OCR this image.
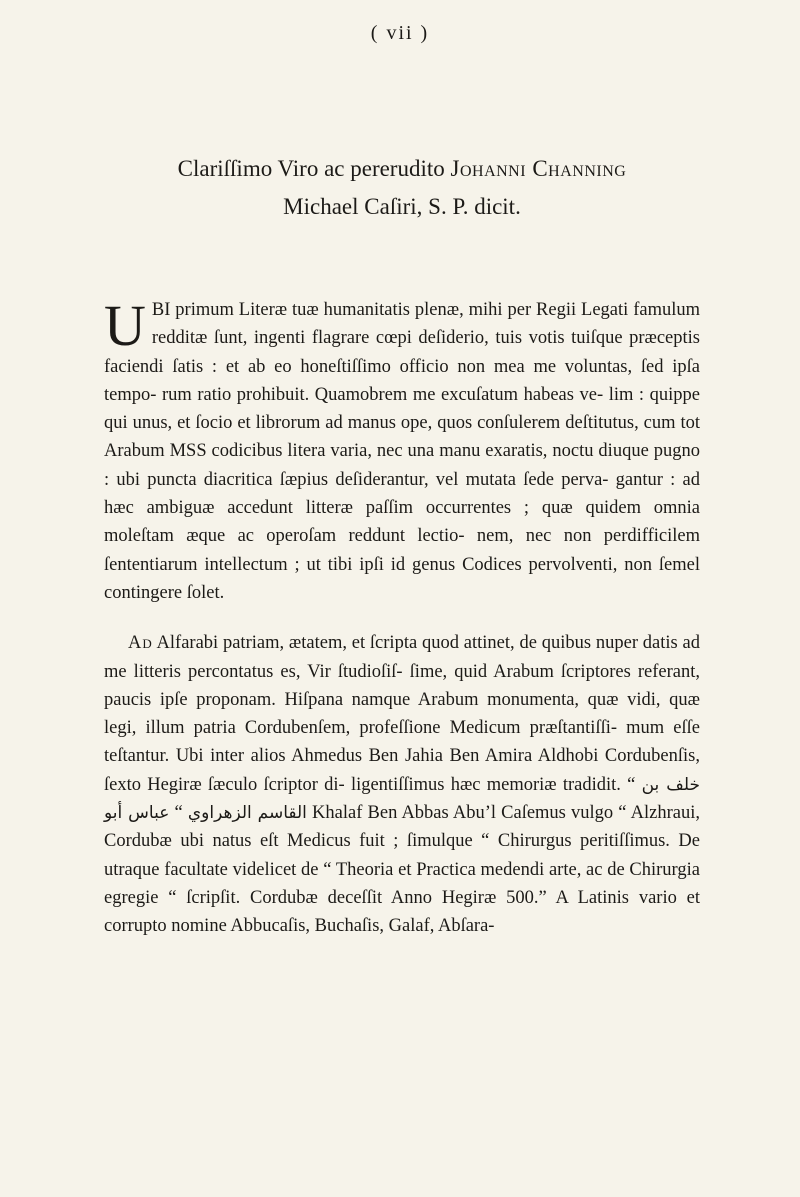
( vii )
Clariſſimo Viro ac pererudito Johanni Channing
Michael Caſiri, S. P. dicit.

UBI primum Literæ tuæ humanitatis plenæ, mihi per Regii Legati famulum redditæ ſunt, ingenti flagrare cœpi deſiderio, tuis votis tuiſque præceptis faciendi ſatis : et ab eo honeſtiſſimo officio non mea me voluntas, ſed ipſa tempo- rum ratio prohibuit. Quamobrem me excuſatum habeas ve- lim : quippe qui unus, et ſocio et librorum ad manus ope, quos conſulerem deſtitutus, cum tot Arabum MSS codicibus litera varia, nec una manu exaratis, noctu diuque pugno : ubi puncta diacritica ſæpius deſiderantur, vel mutata ſede perva- gantur : ad hæc ambiguæ accedunt litteræ paſſim occurrentes ; quæ quidem omnia moleſtam æque ac operoſam reddunt lectio- nem, nec non perdifficilem ſententiarum intellectum ; ut tibi ipſi id genus Codices pervolventi, non ſemel contingere ſolet.

Ad Alfarabi patriam, ætatem, et ſcripta quod attinet, de quibus nuper datis ad me litteris percontatus es, Vir ſtudioſiſ- ſime, quid Arabum ſcriptores referant, paucis ipſe proponam. Hiſpana namque Arabum monumenta, quæ vidi, quæ legi, illum patria Cordubenſem, profeſſione Medicum præſtantiſſi- mum eſſe teſtantur. Ubi inter alios Ahmedus Ben Jahia Ben Amira Aldhobi Cordubenſis, ſexto Hegiræ ſæculo ſcriptor di- ligentiſſimus hæc memoriæ tradidit. “ خلف بن عباس أبو “ القاسم الزهراوي Khalaf Ben Abbas Abu’l Caſemus vulgo “ Alzhraui, Cordubæ ubi natus eſt Medicus fuit ; ſimulque “ Chirurgus peritiſſimus. De utraque facultate videlicet de “ Theoria et Practica medendi arte, ac de Chirurgia egregie “ ſcripſit. Cordubæ deceſſit Anno Hegiræ 500.” A Latinis vario et corrupto nomine Abbucaſis, Buchaſis, Galaf, Abſara-
